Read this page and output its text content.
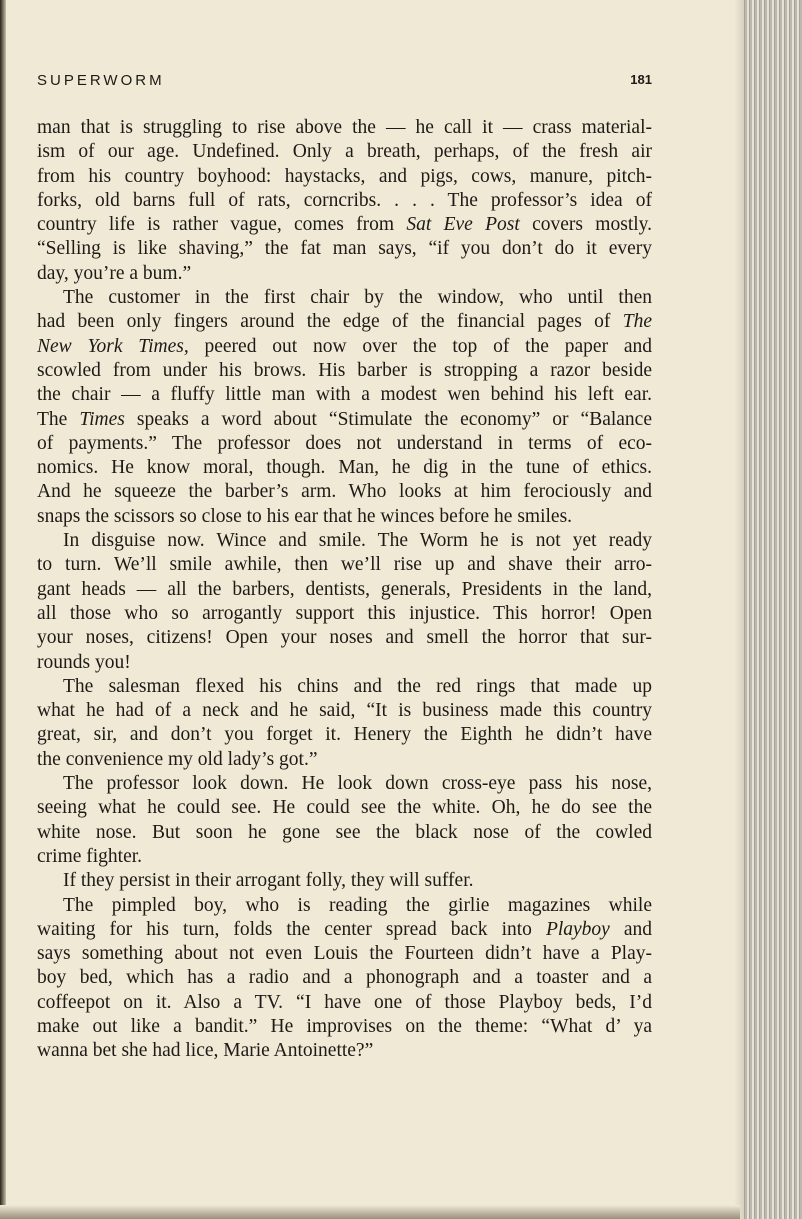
SUPERWORM	181
man that is struggling to rise above the — he call it — crass material-
ism of our age. Undefined. Only a breath, perhaps, of the fresh air
from his country boyhood: haystacks, and pigs, cows, manure, pitch-
forks, old barns full of rats, corncribs. . . . The professor’s idea of
country life is rather vague, comes from Sat Eve Post covers mostly.
“Selling is like shaving,” the fat man says, “if you don’t do it every
day, you’re a bum.”
The customer in the first chair by the window, who until then
had been only fingers around the edge of the financial pages of The
New York Times, peered out now over the top of the paper and
scowled from under his brows. His barber is stropping a razor beside
the chair — a fluffy little man with a modest wen behind his left ear.
The Times speaks a word about “Stimulate the economy” or “Balance
of payments.” The professor does not understand in terms of eco-
nomics. He know moral, though. Man, he dig in the tune of ethics.
And he squeeze the barber’s arm. Who looks at him ferociously and
snaps the scissors so close to his ear that he winces before he smiles.
In disguise now. Wince and smile. The Worm he is not yet ready
to turn. We’ll smile awhile, then we’ll rise up and shave their arro-
gant heads — all the barbers, dentists, generals, Presidents in the land,
all those who so arrogantly support this injustice. This horror! Open
your noses, citizens! Open your noses and smell the horror that sur-
rounds you!
The salesman flexed his chins and the red rings that made up
what he had of a neck and he said, “It is business made this country
great, sir, and don’t you forget it. Henery the Eighth he didn’t have
the convenience my old lady’s got.”
The professor look down. He look down cross-eye pass his nose,
seeing what he could see. He could see the white. Oh, he do see the
white nose. But soon he gone see the black nose of the cowled
crime fighter.
If they persist in their arrogant folly, they will suffer.
The pimpled boy, who is reading the girlie magazines while
waiting for his turn, folds the center spread back into Playboy and
says something about not even Louis the Fourteen didn’t have a Play-
boy bed, which has a radio and a phonograph and a toaster and a
coffeepot on it. Also a TV. “I have one of those Playboy beds, I’d
make out like a bandit.” He improvises on the theme: “What d’ ya
wanna bet she had lice, Marie Antoinette?”
